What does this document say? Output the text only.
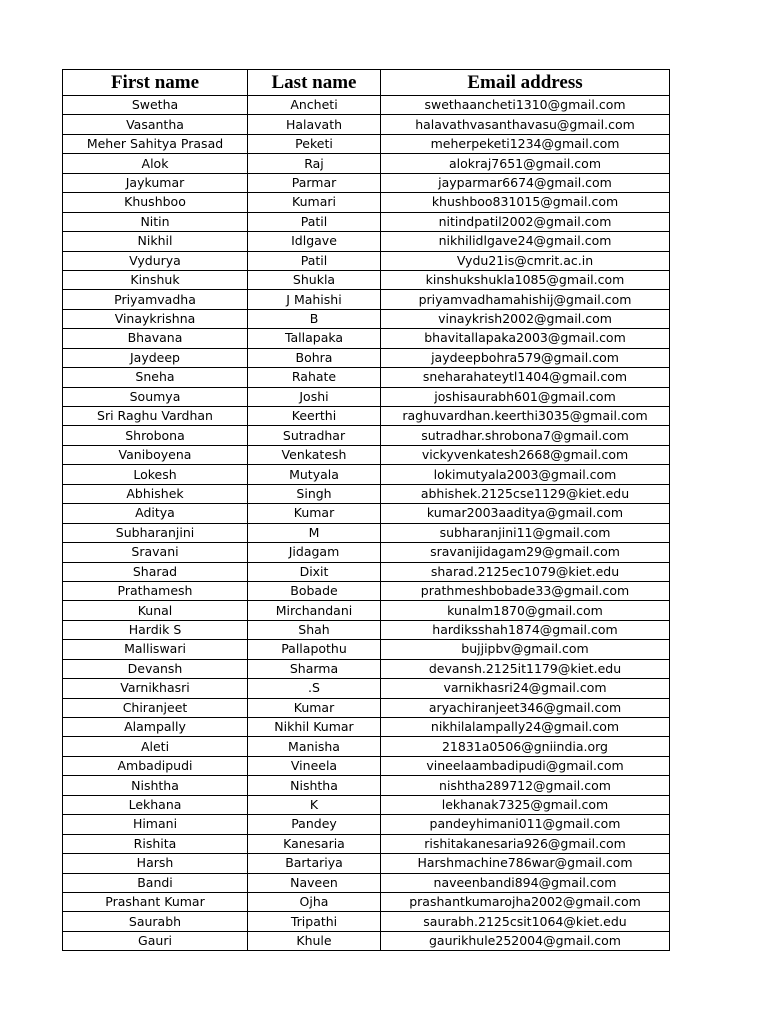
First name	Last name	Email address
Swetha	Ancheti	swethaancheti1310@gmail.com
Vasantha	Halavath	halavathvasanthavasu@gmail.com
Meher Sahitya Prasad	Peketi	meherpeketi1234@gmail.com
Alok	Raj	alokraj7651@gmail.com
Jaykumar	Parmar	jayparmar6674@gmail.com
Khushboo	Kumari	khushboo831015@gmail.com
Nitin	Patil	nitindpatil2002@gmail.com
Nikhil	Idlgave	nikhilidlgave24@gmail.com
Vydurya	Patil	Vydu21is@cmrit.ac.in
Kinshuk	Shukla	kinshukshukla1085@gmail.com
Priyamvadha	J Mahishi	priyamvadhamahishij@gmail.com
Vinaykrishna	B	vinaykrish2002@gmail.com
Bhavana	Tallapaka	bhavitallapaka2003@gmail.com
Jaydeep	Bohra	jaydeepbohra579@gmail.com
Sneha	Rahate	sneharahateytl1404@gmail.com
Soumya	Joshi	joshisaurabh601@gmail.com
Sri Raghu Vardhan	Keerthi	raghuvardhan.keerthi3035@gmail.com
Shrobona	Sutradhar	sutradhar.shrobona7@gmail.com
Vaniboyena	Venkatesh	vickyvenkatesh2668@gmail.com
Lokesh	Mutyala	lokimutyala2003@gmail.com
Abhishek	Singh	abhishek.2125cse1129@kiet.edu
Aditya	Kumar	kumar2003aaditya@gmail.com
Subharanjini	M	subharanjini11@gmail.com
Sravani	Jidagam	sravanijidagam29@gmail.com
Sharad	Dixit	sharad.2125ec1079@kiet.edu
Prathamesh	Bobade	prathmeshbobade33@gmail.com
Kunal	Mirchandani	kunalm1870@gmail.com
Hardik S	Shah	hardiksshah1874@gmail.com
Malliswari	Pallapothu	bujjipbv@gmail.com
Devansh	Sharma	devansh.2125it1179@kiet.edu
Varnikhasri	.S	varnikhasri24@gmail.com
Chiranjeet	Kumar	aryachiranjeet346@gmail.com
Alampally	Nikhil Kumar	nikhilalampally24@gmail.com
Aleti	Manisha	21831a0506@gniindia.org
Ambadipudi	Vineela	vineelaambadipudi@gmail.com
Nishtha	Nishtha	nishtha289712@gmail.com
Lekhana	K	lekhanak7325@gmail.com
Himani	Pandey	pandeyhimani011@gmail.com
Rishita	Kanesaria	rishitakanesaria926@gmail.com
Harsh	Bartariya	Harshmachine786war@gmail.com
Bandi	Naveen	naveenbandi894@gmail.com
Prashant Kumar	Ojha	prashantkumarojha2002@gmail.com
Saurabh	Tripathi	saurabh.2125csit1064@kiet.edu
Gauri	Khule	gaurikhule252004@gmail.com
